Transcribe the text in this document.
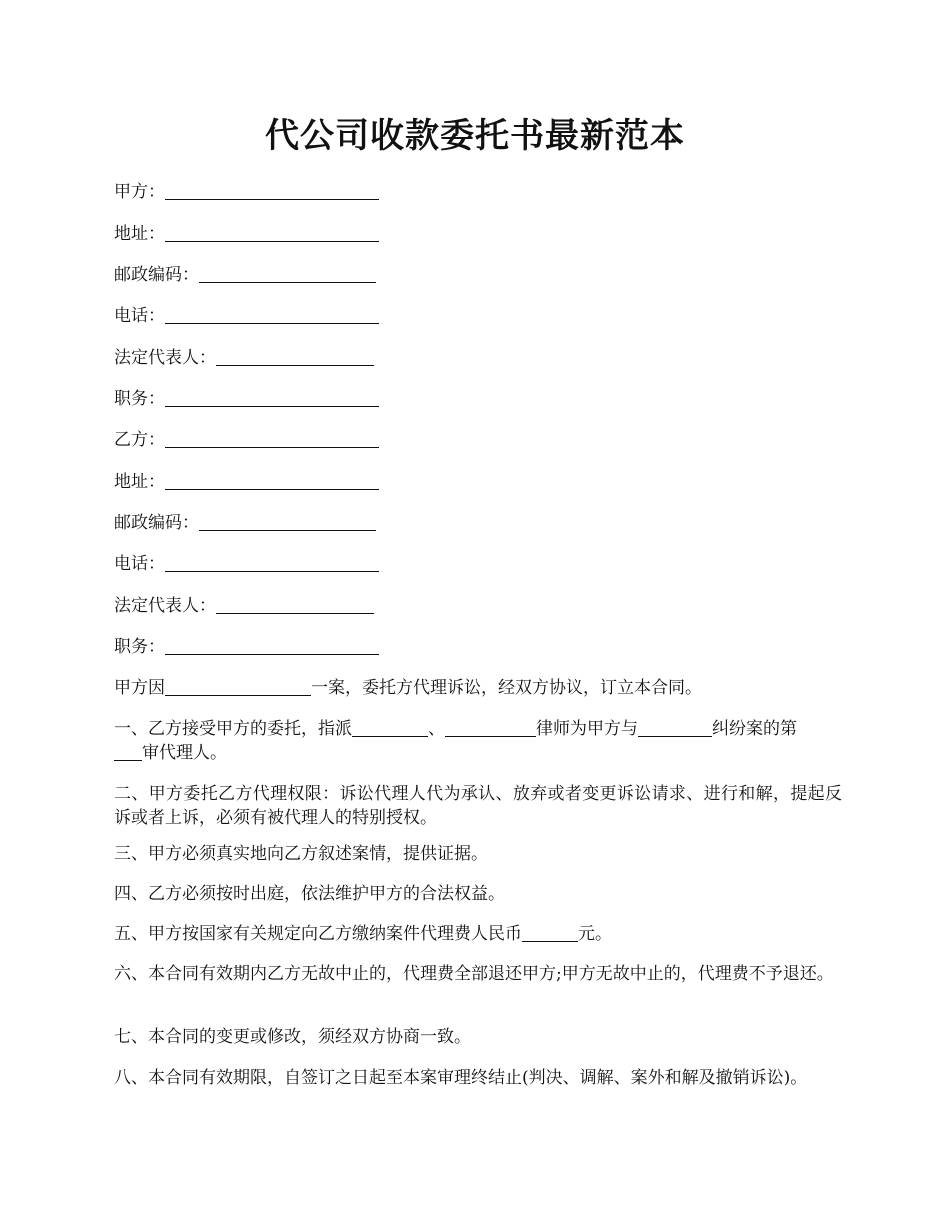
代公司收款委托书最新范本
甲方：
地址：
邮政编码：
电话：
法定代表人：
职务：
乙方：
地址：
邮政编码：
电话：
法定代表人：
职务：

甲方因	一案，委托方代理诉讼，经双方协议，订立本合同。

一、乙方接受甲方的委托，指派	、	律师为甲方与	纠纷案的第
审代理人。

二、甲方委托乙方代理权限：诉讼代理人代为承认、放弃或者变更诉讼请求、进行和解，提起反诉或者上诉，必须有被代理人的特别授权。

三、甲方必须真实地向乙方叙述案情，提供证据。

四、乙方必须按时出庭，依法维护甲方的合法权益。

五、甲方按国家有关规定向乙方缴纳案件代理费人民币	元。

六、本合同有效期内乙方无故中止的，代理费全部退还甲方;甲方无故中止的，代理费不予退还。

七、本合同的变更或修改，须经双方协商一致。

八、本合同有效期限，自签订之日起至本案审理终结止(判决、调解、案外和解及撤销诉讼)。
